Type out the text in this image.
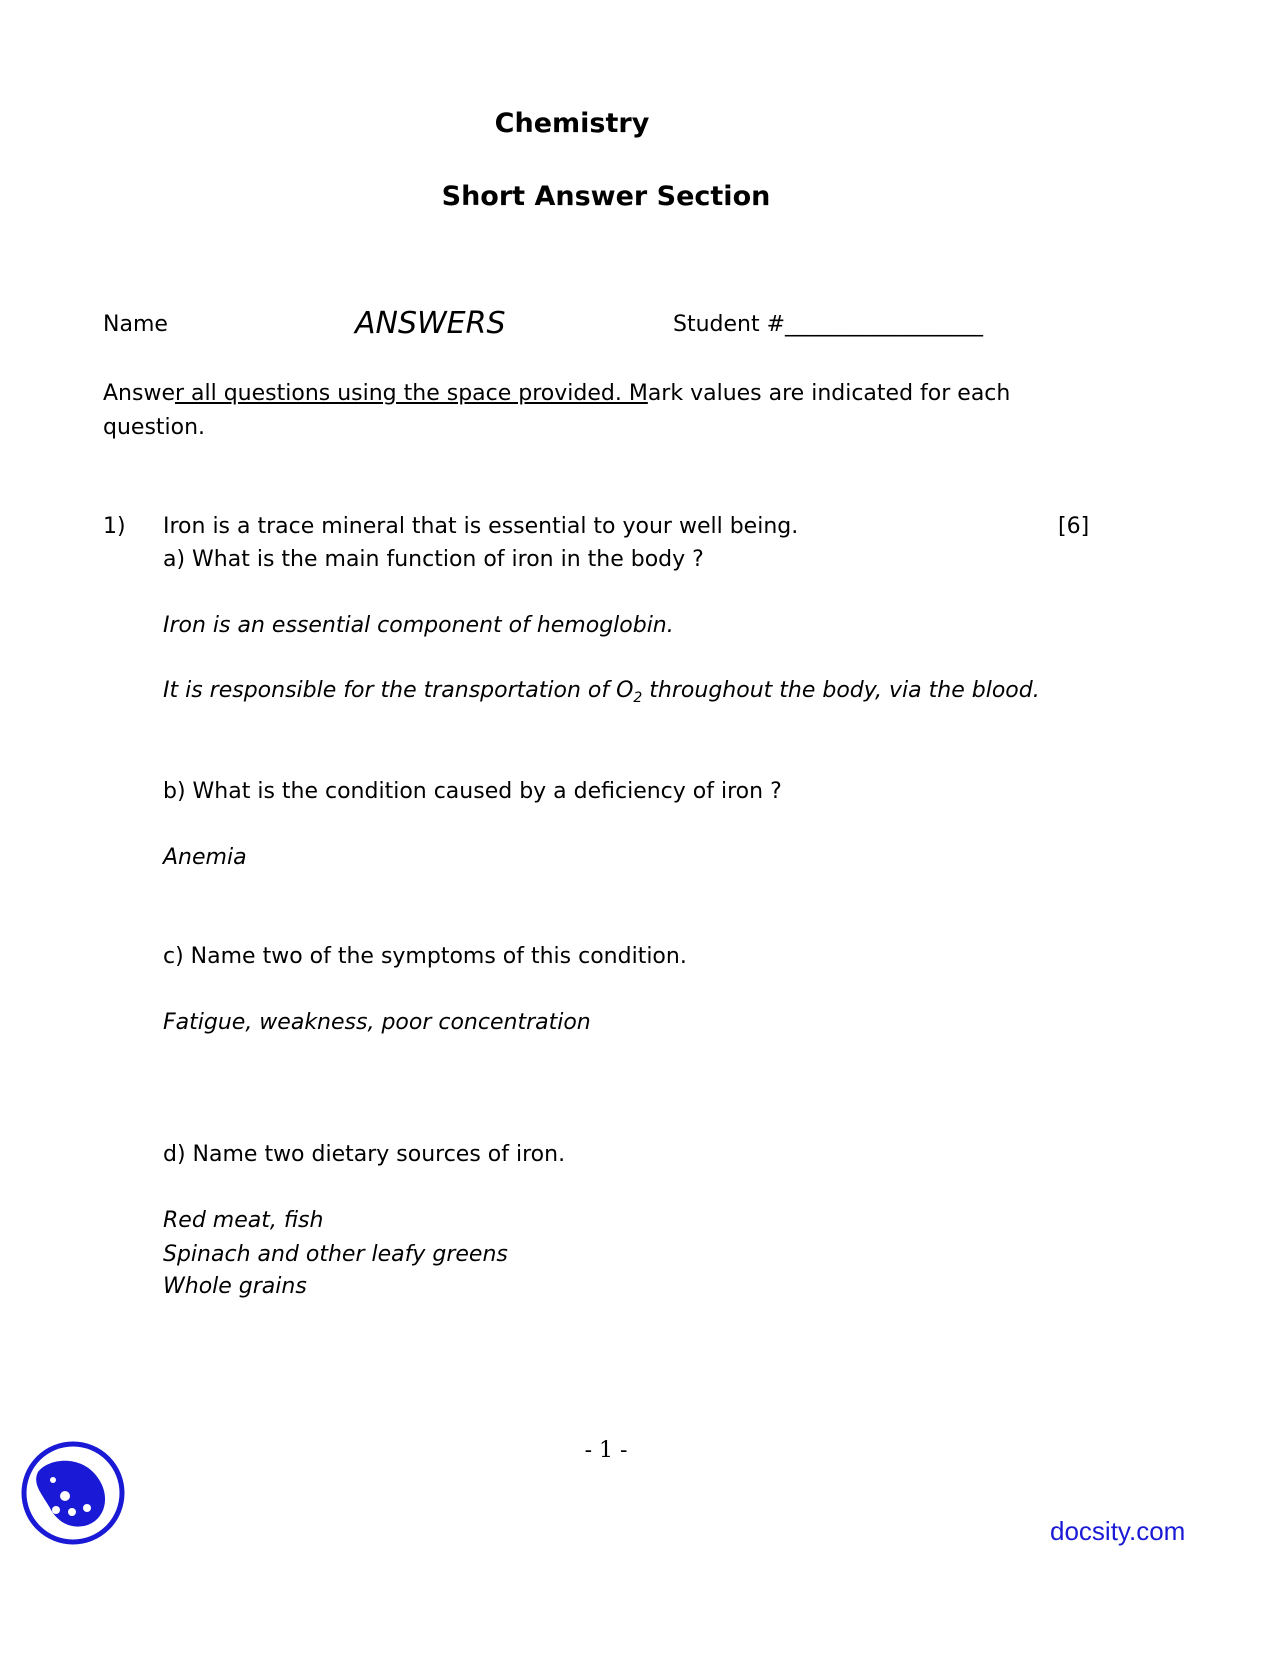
Chemistry
Short Answer Section
Name	ANSWERS	Student #__________________
Answer all questions using the space provided. Mark values are indicated for each
question.
1) Iron is a trace mineral that is essential to your well being.	[6]
a) What is the main function of iron in the body ?
Iron is an essential component of hemoglobin.
It is responsible for the transportation of $O_2$ throughout the body, via the blood.
b) What is the condition caused by a deficiency of iron ?
Anemia
c) Name two of the symptoms of this condition.
Fatigue, weakness, poor concentration
d) Name two dietary sources of iron.
Red meat, fish
Spinach and other leafy greens
Whole grains
- 1 -
docsity.com
